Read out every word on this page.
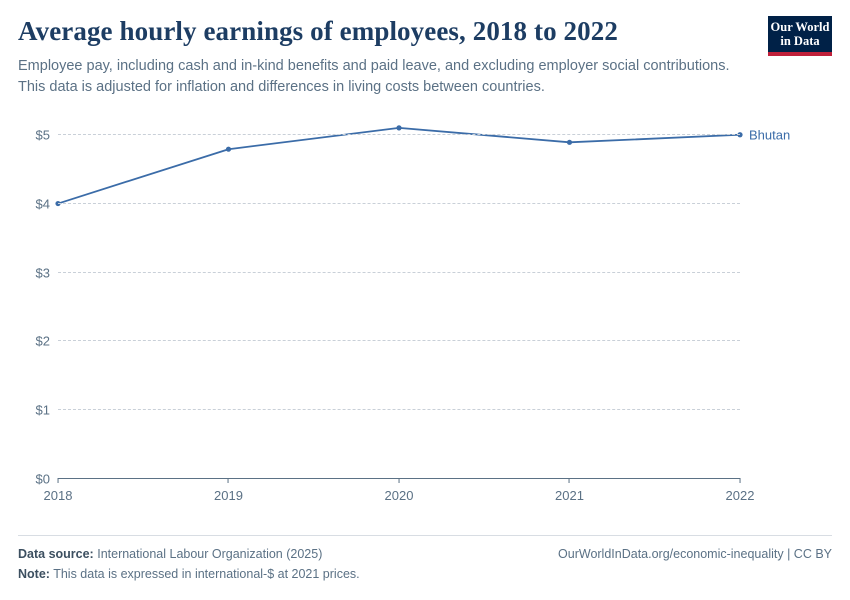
Average hourly earnings of employees, 2018 to 2022
Employee pay, including cash and in-kind benefits and paid leave, and excluding employer social contributions. This data is adjusted for inflation and differences in living costs between countries.
Our World
in Data
2018	2019	2020	2021	2022
$0
$1
$2
$3
$4
$5	Bhutan
Data source: International Labour Organization (2025)	OurWorldInData.org/economic-inequality | CC BY
Note: This data is expressed in international-$ at 2021 prices.
